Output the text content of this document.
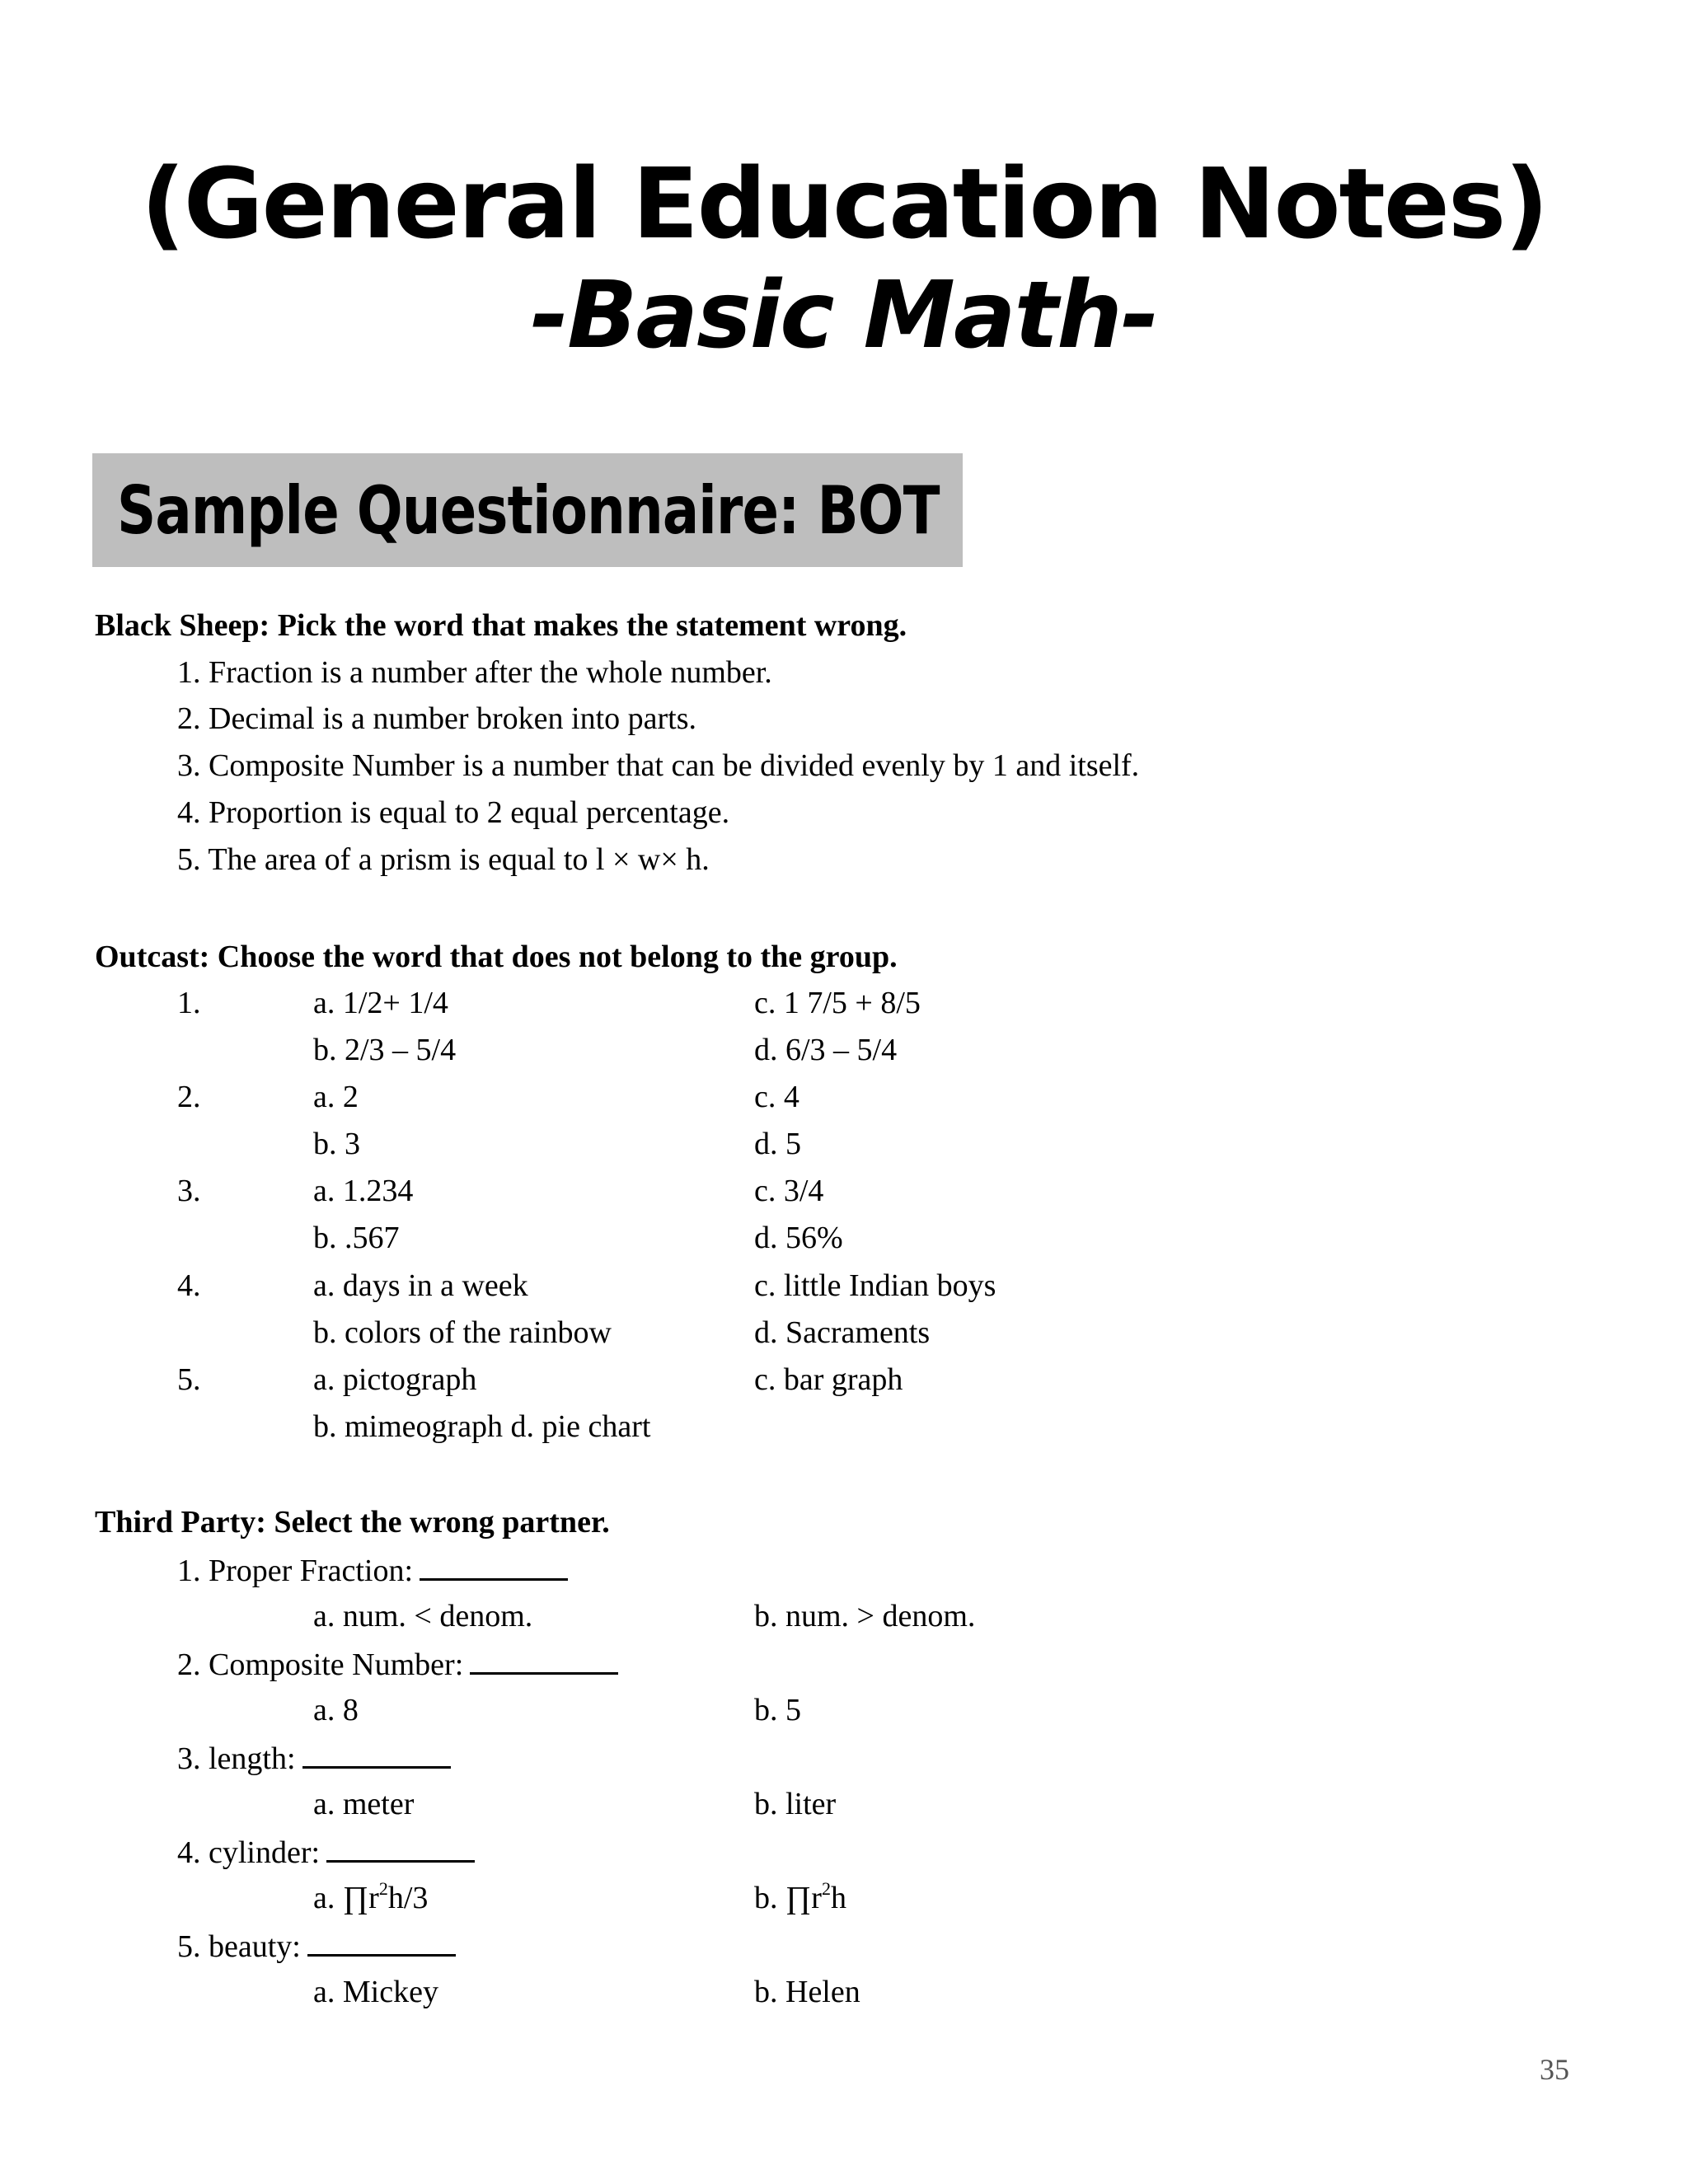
(General Education Notes)
-Basic Math-
Sample Questionnaire: BOT
Black Sheep: Pick the word that makes the statement wrong.
1. Fraction is a number after the whole number.
2. Decimal is a number broken into parts.
3. Composite Number is a number that can be divided evenly by 1 and itself.
4. Proportion is equal to 2 equal percentage.
5. The area of a prism is equal to l × w× h.
Outcast: Choose the word that does not belong to the group.
1.	a. 1/2+ 1/4	c. 1 7/5 + 8/5
b. 2/3 – 5/4	d. 6/3 – 5/4
2.	a. 2	c. 4
b. 3	d. 5
3.	a. 1.234	c. 3/4
b. .567	d. 56%
4.	a. days in a week	c. little Indian boys
b. colors of the rainbow	d. Sacraments
5.	a. pictograph	c. bar graph
b. mimeograph d. pie chart
Third Party: Select the wrong partner.
1. Proper Fraction:
a. num. < denom.	b. num. > denom.
2. Composite Number:
a. 8	b. 5
3. length:
a. meter	b. liter
4. cylinder:
a. $\prod r^2h/3$	b. $\prod r^2h$
5. beauty:
a. Mickey	b. Helen
35
